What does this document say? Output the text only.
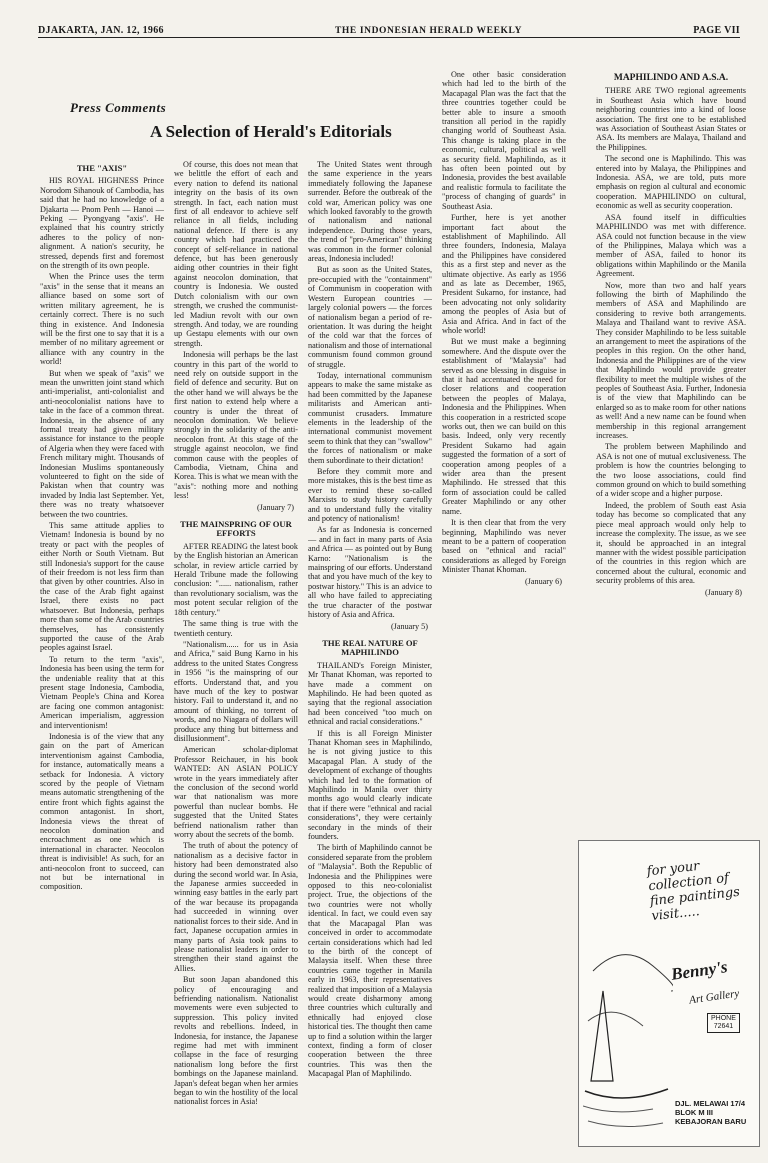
DJAKARTA, JAN. 12, 1966	THE INDONESIAN HERALD WEEKLY	PAGE VII
Press Comments
A Selection of Herald's Editorials
THE "AXIS"

HIS ROYAL HIGHNESS Prince Norodom Sihanouk of Cambodia, has said that he had no knowledge of a Djakarta — Pnom Penh — Hanoi — Peking — Pyongyang "axis". He explained that his country strictly adheres to the policy of non-alignment. A nation's security, he stressed, depends first and foremost on the strength of its own people.

When the Prince uses the term "axis" in the sense that it means an alliance based on some sort of written military agreement, he is certainly correct. There is no such thing in existence. And Indonesia will be the first one to say that it is a member of no military agreement or alliance with any country in the world!

But when we speak of "axis" we mean the unwritten joint stand which anti-imperialist, anti-colonialist and anti-neocolonialist nations have to take in the face of a common threat. Indonesia, in the absence of any formal treaty had given military assistance for instance to the people of Algeria when they were faced with French military might. Thousands of Indonesian Muslims spontaneously volunteered to fight on the side of Pakistan when that country was invaded by India last September. Yet, there was no treaty whatsoever between the two countries.

This same attitude applies to Vietnam! Indonesia is bound by no treaty or pact with the peoples of either North or South Vietnam. But still Indonesia's support for the cause of their freedom is not less firm than that given by other countries. Also in the case of the Arab fight against Israel, there exists no pact whatsoever. But Indonesia, perhaps more than some of the Arab countries themselves, has consistently supported the cause of the Arab peoples against Israel.

To return to the term "axis", Indonesia has been using the term for the undeniable reality that at this present stage Indonesia, Cambodia, Vietnam People's China and Korea are facing one common antagonist: American imperialism, aggression and interventionism!

Indonesia is of the view that any gain on the part of American interventionism against Cambodia, for instance, automatically means a setback for Indonesia. A victory scored by the people of Vietnam means automatic strengthening of the entire front which fights against the common antagonist. In short, Indonesia views the threat of neocolon domination and encroachment as one which is international in character. Neocolon threat is indivisible! As such, for an anti-neocolon front to succeed, can not but be international in composition.

Of course, this does not mean that we belittle the effort of each and every nation to defend its national integrity on the basis of its own strength. In fact, each nation must first of all endeavor to achieve self reliance in all fields, including national defence. If there is any country which had practiced the concept of self-reliance in national defence, but has been generously aiding other countries in their fight against neocolon domination, that country is Indonesia. We ousted Dutch colonialism with our own strength, we crushed the communist-led Madiun revolt with our own strength. And today, we are rounding up Gestapu elements with our own strength.

Indonesia will perhaps be the last country in this part of the world to need rely on outside support in the field of defence and security. But on the other hand we will always be the first nation to extend help where a country is under the threat of neocolon domination. We believe strongly in the solidarity of the anti-neocolon front. At this stage of the struggle against neocolon, we find common cause with the peoples of Cambodia, Vietnam, China and Korea. This is what we mean with the "axis": nothing more and nothing less!

(January 7)
THE MAINSPRING OF OUR EFFORTS

AFTER READING the latest book by the English historian an American scholar, in review article carried by Herald Tribune made the following conclusion: "...... nationalism, rather than revolutionary socialism, was the most potent secular religion of the 18th century."

The same thing is true with the twentieth century.

"Nationalism...... for us in Asia and Africa," said Bung Karno in his address to the united States Congress in 1956 "is the mainspring of our efforts. Understand that, and you have much of the key to postwar history. Fail to understand it, and no amount of thinking, no torrent of words, and no Niagara of dollars will produce any thing but bitterness and disillusionment".

American scholar-diplomat Professor Reichauer, in his book WANTED: AN ASIAN POLICY wrote in the years immediately after the conclusion of the second world war that nationalism was more powerful than nuclear bombs. He suggested that the United States befriend nationalism rather than worry about the secrets of the bomb.

The truth of about the potency of nationalism as a decisive factor in history had been demonstrated also during the second world war. In Asia, the Japanese armies succeeded in winning easy battles in the early part of the war because its propaganda had succeeded in winning over nationalist forces to their side. And in fact, Japanese occupation armies in many parts of Asia took pains to please nationalist leaders in order to strengthen their stand against the Allies.

But soon Japan abandoned this policy of encouraging and befriending nationalism. Nationalist movements were even subjected to suppression. This policy invited revolts and rebellions. Indeed, in Indonesia, for instance, the Japanese regime had met with imminent collapse in the face of resurging nationalism long before the first bombings on the Japanese mainland. Japan's defeat began when her armies began to win the hostility of the local nationalist forces in Asia!

The United States went through the same experience in the years immediately following the Japanese surrender. Before the outbreak of the cold war, American policy was one which looked favorably to the growth of nationalism and national independence. During those years, the trend of "pro-American" thinking was common in the former colonial areas, Indonesia included!

But as soon as the United States, pre-occupied with the "containment" of Communism in cooperation with Western European countries — largely colonial powers — the forces of nationalism began a period of re-orientation. It was during the height of the cold war that the forces of nationalism and those of international communism found common ground of struggle.

Today, international communism appears to make the same mistake as had been committed by the Japanese militarists and American anti-communist crusaders. Immature elements in the leadership of the international communist movement seem to think that they can "swallow" the forces of nationalism or make them subordinate to their dictation!

Before they commit more and more mistakes, this is the best time as ever to remind these so-called Marxists to study history carefully and to understand fully the vitality and potency of nationalism!

As far as Indonesia is concerned — and in fact in many parts of Asia and Africa — as pointed out by Bung Karno: "Nationalism is the mainspring of our efforts. Understand that and you have much of the key to postwar history." This is an advice to all who have failed to appreciating the true character of the postwar history of Asia and Africa.

(January 5)
THE REAL NATURE OF MAPHILINDO

THAILAND's Foreign Minister, Mr Thanat Khoman, was reported to have made a comment on Maphilindo. He had been quoted as saying that the regional association had been conceived "too much on ethnical and racial considerations."

If this is all Foreign Minister Thanat Khoman sees in Maphilindo, he is not giving justice to this Macapagal Plan. A study of the development of exchange of thoughts which had led to the formation of Maphilindo in Manila over thirty months ago would clearly indicate that if there were "ethnical and racial considerations", they were certainly secondary in the minds of their founders.

The birth of Maphilindo cannot be considered separate from the problem of "Malaysia". Both the Republic of Indonesia and the Philippines were opposed to this neo-colonialist project. True, the objections of the two countries were not wholly identical. In fact, we could even say that the Macapagal Plan was conceived in order to accommodate certain considerations which had led to the birth of the concept of Malaysia itself. When these three countries came together in Manila early in 1963, their representatives realized that imposition of a Malaysia would create disharmony among three countries which culturally and ethnically had enjoyed close historical ties. The thought then came up to find a solution within the larger context, finding a form of closer cooperation between the three countries. This was then the Macapagal Plan of Maphilindo.

One other basic consideration which had led to the birth of the Macapagal Plan was the fact that the three countries together could be better able to insure a smooth transition all period in the rapidly changing world of Southeast Asia. This change is taking place in the economic, cultural, political as well as security field. Maphilindo, as it has often been pointed out by Indonesia, provides the best available and realistic formula to facilitate the "process of changing of guards" in Southeast Asia.

Further, here is yet another important fact about the establishment of Maphilindo. All three founders, Indonesia, Malaya and the Philippines have considered this as a first step and never as the ultimate objective. As early as 1956 and as late as December, 1965, President Sukarno, for instance, had been advocating not only solidarity among the peoples of Asia but of Asia and Africa. And in fact of the whole world!

But we must make a beginning somewhere. And the dispute over the establishment of "Malaysia" had served as one blessing in disguise in that it had accentuated the need for closer relations and cooperation between the peoples of Malaya, Indonesia and the Philippines. When this cooperation in a restricted scope works out, then we can build on this basis. Indeed, only very recently President Sukarno had again suggested the formation of a sort of cooperation among peoples of a wider area than the present Maphilindo. He stressed that this form of association could be called Greater Maphilindo or any other name.

It is then clear that from the very beginning, Maphilindo was never meant to be a pattern of cooperation based on "ethnical and racial" considerations as alleged by Foreign Minister Thanat Khoman.

(January 6)
MAPHILINDO AND A.S.A.

THERE ARE TWO regional agreements in Southeast Asia which have bound neighboring countries into a kind of loose association. The first one to be established was Association of Southeast Asian States or ASA. Its members are Malaya, Thailand and the Philippines.

The second one is Maphilindo. This was entered into by Malaya, the Philippines and Indonesia. ASA, we are told, puts more emphasis on region al cultural and economic cooperation. MAPHILINDO on cultural, economic as well as security cooperation.

ASA found itself in difficulties MAPHILINDO was met with difference. ASA could not function because in the view of the Philippines, Malaya which was a member of ASA, failed to honor its obligations within Maphilindo or the Manila Agreement.

Now, more than two and half years following the birth of Maphilindo the members of ASA and Maphilindo are considering to revive both arrangements. Malaya and Thailand want to revive ASA. They consider Maphilindo to be less suitable an arrangement to meet the aspirations of the peoples in this region. On the other hand, Indonesia and the Philippines are of the view that Maphilindo would provide greater flexibility to meet the multiple wishes of the peoples of Southeast Asia. Further, Indonesia is of the view that Maphilindo can be enlarged so as to make room for other nations as well! And a new name can be found when membership in this regional arrangement increases.

The problem between Maphilindo and ASA is not one of mutual exclusiveness. The problem is how the countries belonging to the two loose associations, could find common ground on which to build something of a wider scope and a higher purpose.

Indeed, the problem of South east Asia today has become so complicated that any piece meal approach would only help to increase the complexity. The issue, as we see it, should be approached in an integral manner with the widest possible participation of the countries in this region which are concerned about the cultural, economic and security problems of this area.

(January 8)
for your collection of fine paintings visit.....
Benny's
Art Gallery
PHONE
72641
DJL. MELAWAI 17/4
BLOK M III
KEBAJORAN BARU
